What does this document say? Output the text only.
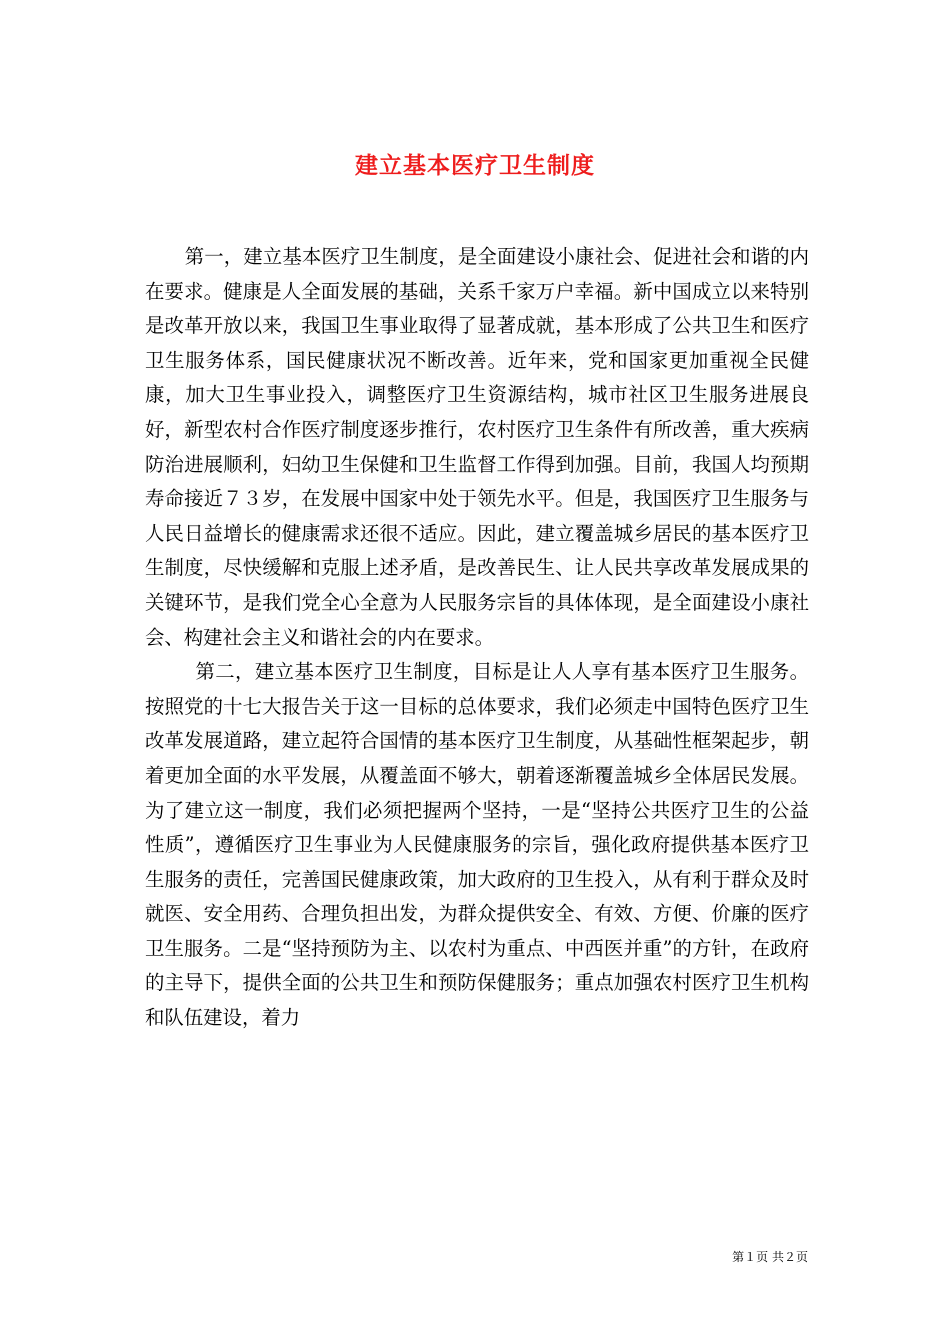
建立基本医疗卫生制度

第一，建立基本医疗卫生制度，是全面建设小康社会、促进社会和谐的内在要求。健康是人全面发展的基础，关系千家万户幸福。新中国成立以来特别是改革开放以来，我国卫生事业取得了显著成就，基本形成了公共卫生和医疗卫生服务体系，国民健康状况不断改善。近年来，党和国家更加重视全民健康，加大卫生事业投入，调整医疗卫生资源结构，城市社区卫生服务进展良好，新型农村合作医疗制度逐步推行，农村医疗卫生条件有所改善，重大疾病防治进展顺利，妇幼卫生保健和卫生监督工作得到加强。目前，我国人均预期寿命接近７３岁，在发展中国家中处于领先水平。但是，我国医疗卫生服务与人民日益增长的健康需求还很不适应。因此，建立覆盖城乡居民的基本医疗卫生制度，尽快缓解和克服上述矛盾，是改善民生、让人民共享改革发展成果的关键环节，是我们党全心全意为人民服务宗旨的具体体现，是全面建设小康社会、构建社会主义和谐社会的内在要求。

第二，建立基本医疗卫生制度，目标是让人人享有基本医疗卫生服务。按照党的十七大报告关于这一目标的总体要求，我们必须走中国特色医疗卫生改革发展道路，建立起符合国情的基本医疗卫生制度，从基础性框架起步，朝着更加全面的水平发展，从覆盖面不够大，朝着逐渐覆盖城乡全体居民发展。为了建立这一制度，我们必须把握两个坚持，一是“坚持公共医疗卫生的公益性质”，遵循医疗卫生事业为人民健康服务的宗旨，强化政府提供基本医疗卫生服务的责任，完善国民健康政策，加大政府的卫生投入，从有利于群众及时就医、安全用药、合理负担出发，为群众提供安全、有效、方便、价廉的医疗卫生服务。二是“坚持预防为主、以农村为重点、中西医并重”的方针，在政府的主导下，提供全面的公共卫生和预防保健服务；重点加强农村医疗卫生机构和队伍建设，着力

第１页 共２页
